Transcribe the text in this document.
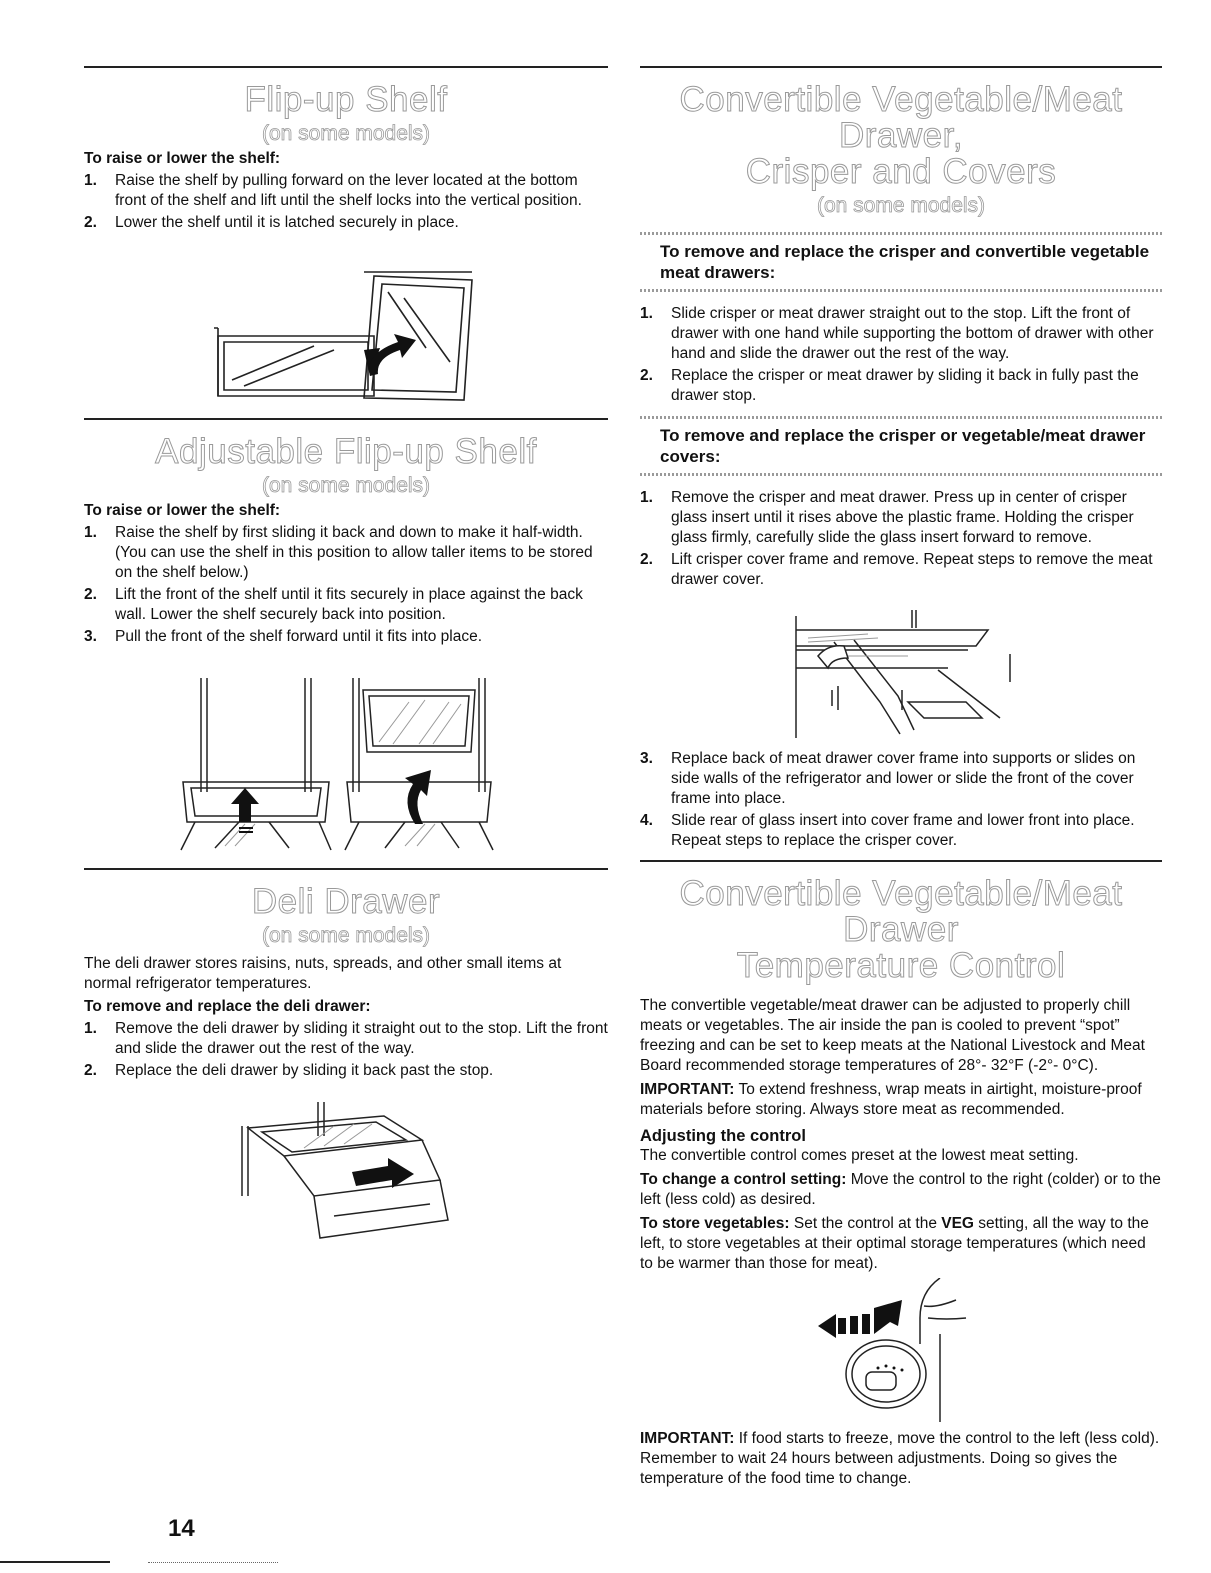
Flip-up Shelf
(on some models)
To raise or lower the shelf:
1. Raise the shelf by pulling forward on the lever located at the bottom front of the shelf and lift until the shelf locks into the vertical position.
2. Lower the shelf until it is latched securely in place.
Adjustable Flip-up Shelf
(on some models)
To raise or lower the shelf:
1. Raise the shelf by first sliding it back and down to make it half-width. (You can use the shelf in this position to allow taller items to be stored on the shelf below.)
2. Lift the front of the shelf until it fits securely in place against the back wall. Lower the shelf securely back into position.
3. Pull the front of the shelf forward until it fits into place.
Deli Drawer
(on some models)
The deli drawer stores raisins, nuts, spreads, and other small items at normal refrigerator temperatures.
To remove and replace the deli drawer:
1. Remove the deli drawer by sliding it straight out to the stop. Lift the front and slide the drawer out the rest of the way.
2. Replace the deli drawer by sliding it back past the stop.
14
Convertible Vegetable/Meat Drawer,
Crisper and Covers
(on some models)
To remove and replace the crisper and convertible vegetable meat drawers:
1. Slide crisper or meat drawer straight out to the stop. Lift the front of drawer with one hand while supporting the bottom of drawer with other hand and slide the drawer out the rest of the way.
2. Replace the crisper or meat drawer by sliding it back in fully past the drawer stop.
To remove and replace the crisper or vegetable/meat drawer covers:
1. Remove the crisper and meat drawer. Press up in center of crisper glass insert until it rises above the plastic frame. Holding the crisper glass firmly, carefully slide the glass insert forward to remove.
2. Lift crisper cover frame and remove. Repeat steps to remove the meat drawer cover.
3. Replace back of meat drawer cover frame into supports or slides on side walls of the refrigerator and lower or slide the front of the cover frame into place.
4. Slide rear of glass insert into cover frame and lower front into place. Repeat steps to replace the crisper cover.
Convertible Vegetable/Meat Drawer
Temperature Control
The convertible vegetable/meat drawer can be adjusted to properly chill meats or vegetables. The air inside the pan is cooled to prevent “spot” freezing and can be set to keep meats at the National Livestock and Meat Board recommended storage temperatures of 28°- 32°F (-2°- 0°C).
IMPORTANT: To extend freshness, wrap meats in airtight, moisture-proof materials before storing. Always store meat as recommended.
Adjusting the control
The convertible control comes preset at the lowest meat setting.
To change a control setting: Move the control to the right (colder) or to the left (less cold) as desired.
To store vegetables: Set the control at the VEG setting, all the way to the left, to store vegetables at their optimal storage temperatures (which need to be warmer than those for meat).
IMPORTANT: If food starts to freeze, move the control to the left (less cold). Remember to wait 24 hours between adjustments. Doing so gives the temperature of the food time to change.
